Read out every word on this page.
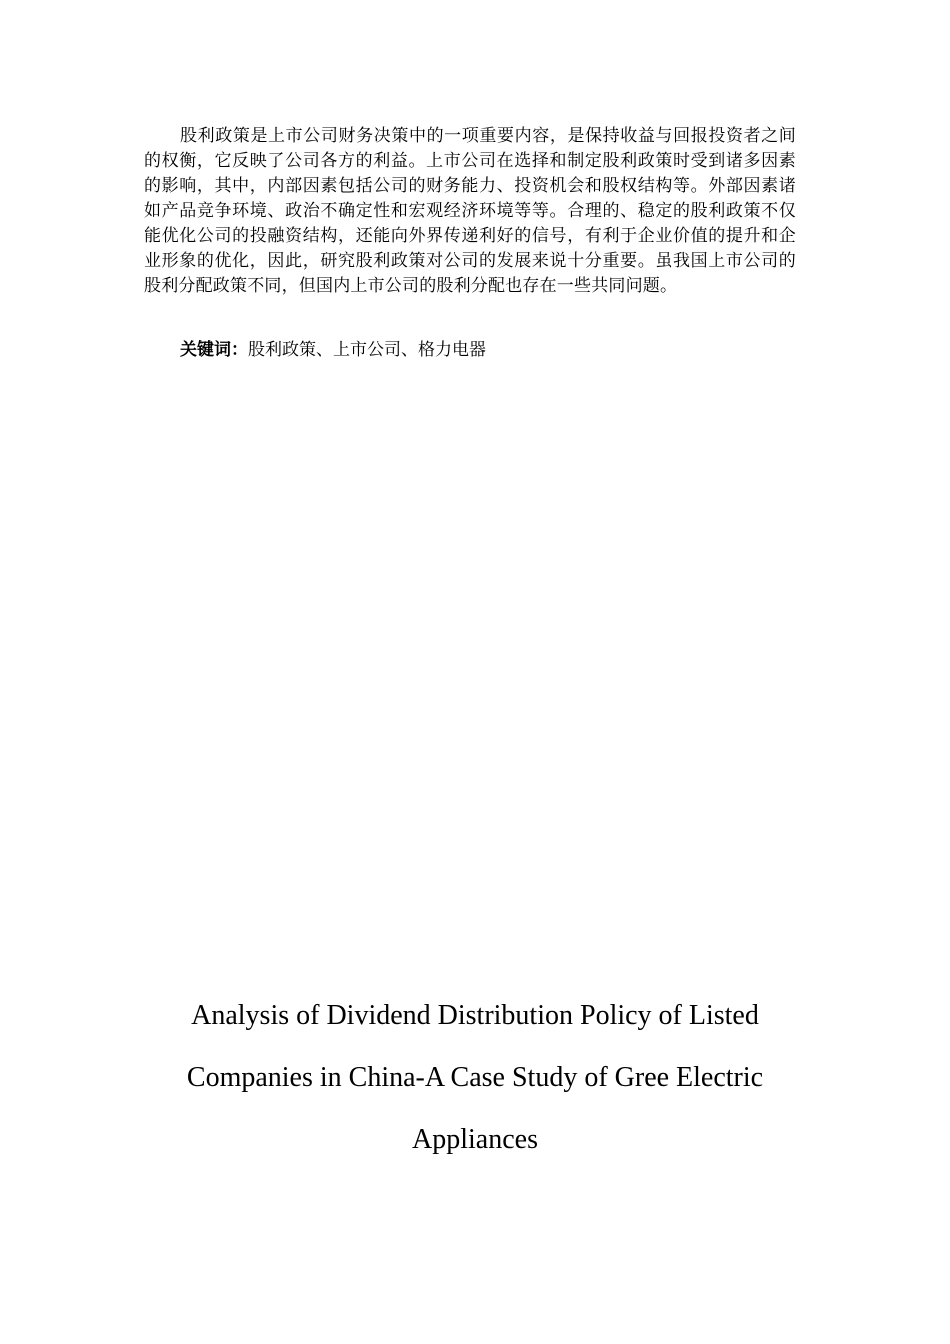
股利政策是上市公司财务决策中的一项重要内容，是保持收益与回报投资者之间的权衡，它反映了公司各方的利益。上市公司在选择和制定股利政策时受到诸多因素的影响，其中，内部因素包括公司的财务能力、投资机会和股权结构等。外部因素诸如产品竞争环境、政治不确定性和宏观经济环境等等。合理的、稳定的股利政策不仅能优化公司的投融资结构，还能向外界传递利好的信号，有利于企业价值的提升和企业形象的优化，因此，研究股利政策对公司的发展来说十分重要。虽我国上市公司的股利分配政策不同，但国内上市公司的股利分配也存在一些共同问题。

关键词：股利政策、上市公司、格力电器

Analysis of Dividend Distribution Policy of Listed
Companies in China-A Case Study of Gree Electric
Appliances
